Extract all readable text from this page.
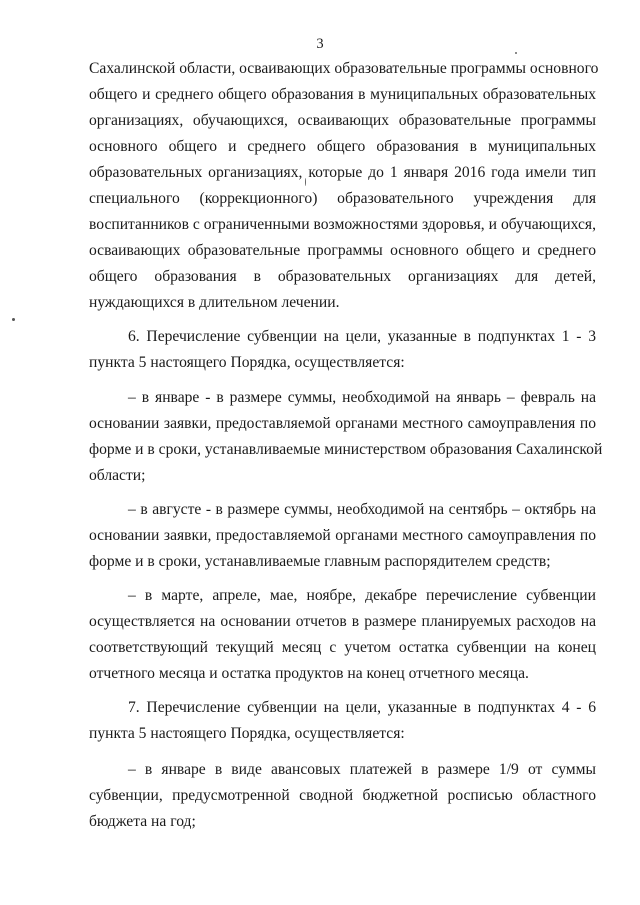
3
Сахалинской области, осваивающих образовательные программы основного
общего и среднего общего образования в муниципальных образовательных
организациях, обучающихся, осваивающих образовательные программы
основного общего и среднего общего образования в муниципальных
образовательных организациях, которые до 1 января 2016 года имели тип
специального (коррекционного) образовательного учреждения для
воспитанников с ограниченными возможностями здоровья, и обучающихся,
осваивающих образовательные программы основного общего и среднего
общего образования в образовательных организациях для детей,
нуждающихся в длительном лечении.
6. Перечисление субвенции на цели, указанные в подпунктах 1 - 3
пункта 5 настоящего Порядка, осуществляется:
– в январе - в размере суммы, необходимой на январь – февраль на
основании заявки, предоставляемой органами местного самоуправления по
форме и в сроки, устанавливаемые министерством образования Сахалинской
области;
– в августе - в размере суммы, необходимой на сентябрь – октябрь на
основании заявки, предоставляемой органами местного самоуправления по
форме и в сроки, устанавливаемые главным распорядителем средств;
– в марте, апреле, мае, ноябре, декабре перечисление субвенции
осуществляется на основании отчетов в размере планируемых расходов на
соответствующий текущий месяц с учетом остатка субвенции на конец
отчетного месяца и остатка продуктов на конец отчетного месяца.
7. Перечисление субвенции на цели, указанные в подпунктах 4 - 6
пункта 5 настоящего Порядка, осуществляется:
– в январе в виде авансовых платежей в размере 1/9 от суммы
субвенции, предусмотренной сводной бюджетной росписью областного
бюджета на год;
